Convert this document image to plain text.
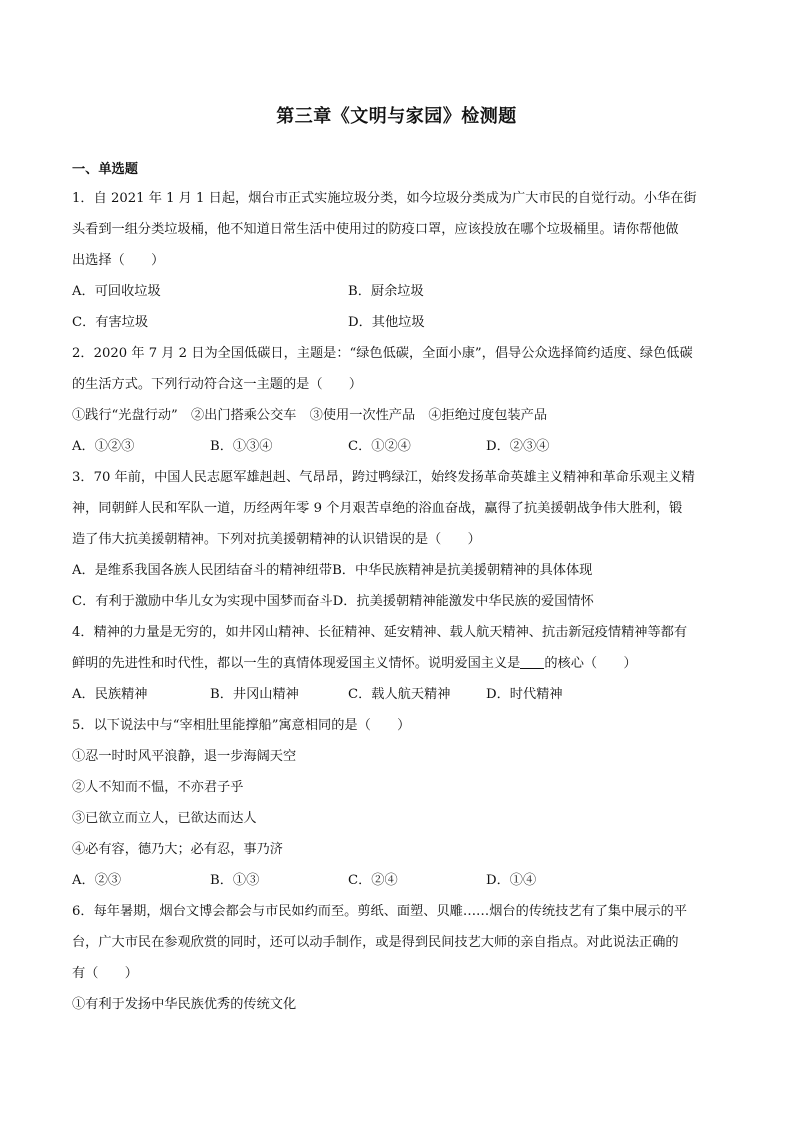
第三章《文明与家园》检测题
一、单选题
1．自 2021 年 1 月 1 日起，烟台市正式实施垃圾分类，如今垃圾分类成为广大市民的自觉行动。小华在街
头看到一组分类垃圾桶，他不知道日常生活中使用过的防疫口罩，应该投放在哪个垃圾桶里。请你帮他做
出选择（　　）
A．可回收垃圾	B．厨余垃圾
C．有害垃圾	D．其他垃圾
2．2020 年 7 月 2 日为全国低碳日，主题是：“绿色低碳，全面小康”，倡导公众选择简约适度、绿色低碳
的生活方式。下列行动符合这一主题的是（　　）
①践行“光盘行动”　②出门搭乘公交车　③使用一次性产品　④拒绝过度包装产品
A．①②③	B．①③④	C．①②④	D．②③④
3．70 年前，中国人民志愿军雄赳赳、气昂昂，跨过鸭绿江，始终发扬革命英雄主义精神和革命乐观主义精
神，同朝鲜人民和军队一道，历经两年零 9 个月艰苦卓绝的浴血奋战，赢得了抗美援朝战争伟大胜利，锻
造了伟大抗美援朝精神。下列对抗美援朝精神的认识错误的是（　　）
A．是维系我国各族人民团结奋斗的精神纽带B．中华民族精神是抗美援朝精神的具体体现
C．有利于激励中华儿女为实现中国梦而奋斗D．抗美援朝精神能激发中华民族的爱国情怀
4．精神的力量是无穷的，如井冈山精神、长征精神、延安精神、载人航天精神、抗击新冠疫情精神等都有
鲜明的先进性和时代性，都以一生的真情体现爱国主义情怀。说明爱国主义是 的核心（　　）
A．民族精神	B．井冈山精神	C．载人航天精神	D．时代精神
5．以下说法中与“宰相肚里能撑船”寓意相同的是（　　）
①忍一时时风平浪静，退一步海阔天空
②人不知而不愠，不亦君子乎
③已欲立而立人，已欲达而达人
④必有容，德乃大；必有忍，事乃济
A．②③	B．①③	C．②④	D．①④
6．每年暑期，烟台文博会都会与市民如约而至。剪纸、面塑、贝雕……烟台的传统技艺有了集中展示的平
台，广大市民在参观欣赏的同时，还可以动手制作，或是得到民间技艺大师的亲自指点。对此说法正确的
有（　　）
①有利于发扬中华民族优秀的传统文化
